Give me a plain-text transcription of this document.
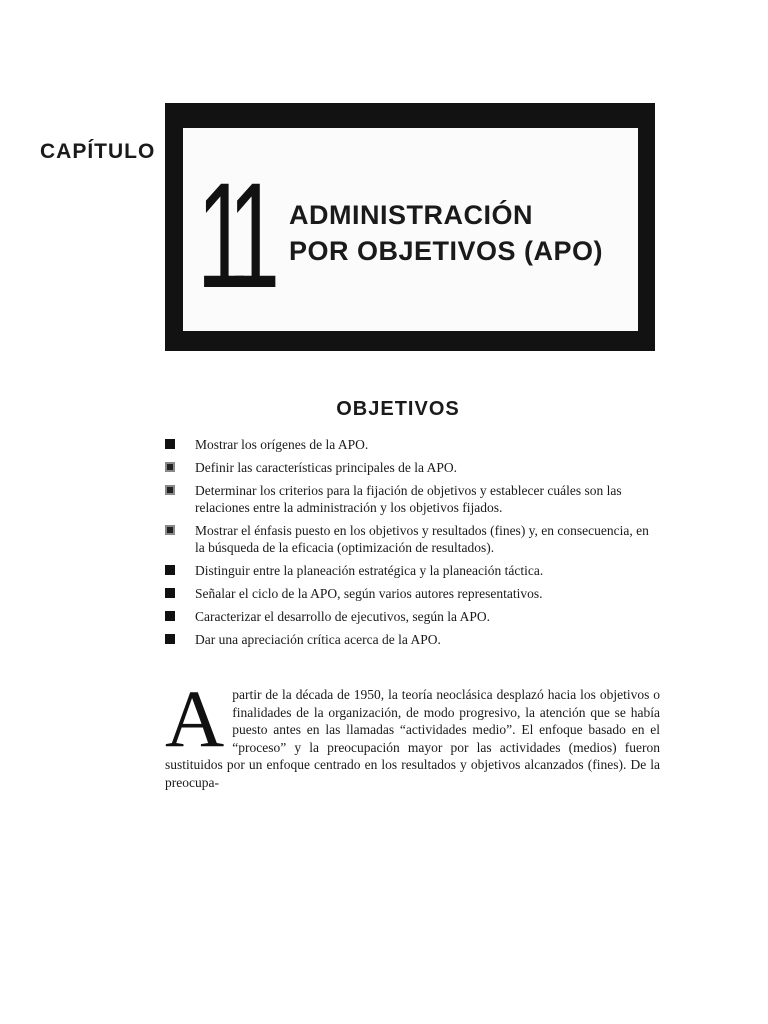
CAPÍTULO 11 ADMINISTRACIÓN
POR OBJETIVOS (APO)
OBJETIVOS
Mostrar los orígenes de la APO.
Definir las características principales de la APO.
Determinar los criterios para la fijación de objetivos y establecer cuáles son las relaciones entre la administración y los objetivos fijados.
Mostrar el énfasis puesto en los objetivos y resultados (fines) y, en consecuencia, en la búsqueda de la eficacia (optimización de resultados).
Distinguir entre la planeación estratégica y la planeación táctica.
Señalar el ciclo de la APO, según varios autores representativos.
Caracterizar el desarrollo de ejecutivos, según la APO.
Dar una apreciación crítica acerca de la APO.
Apartir de la década de 1950, la teoría neoclásica desplazó hacia los objetivos o finalidades de la organización, de modo progresivo, la atención que se había puesto antes en las llamadas “actividades medio”. El enfoque basado en el “proceso” y la preocupación mayor por las actividades (medios) fueron sustituidos por un enfoque centrado en los resultados y objetivos alcanzados (fines). De la preocupa-
